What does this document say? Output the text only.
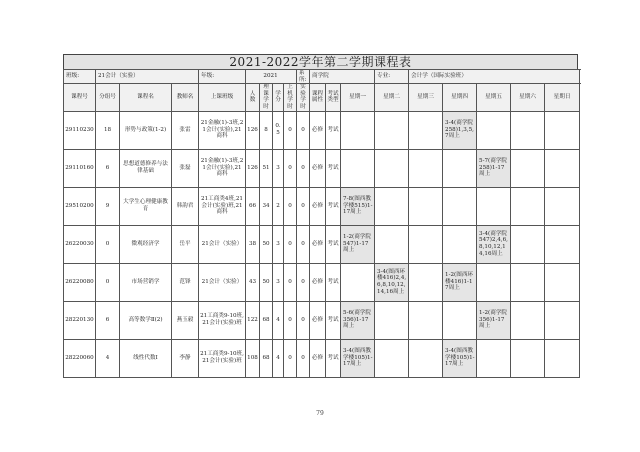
2021-2022学年第二学期课程表
班级:	21会计（实验）			年级:	2021				系所:	商学院			专业:	会计学（国际实验班）				
课程号	分组号	课程名	教师名	上课班级	人数	理课学时	学分	上机学时	实验学时	课程属性	考试类型	星期一	星期二	星期三	星期四	星期五	星期六	星期日
29110230	18	形势与政策(1-2)	张雷	21金融(1)-3班,21会计(实验),21商科	126	8	0.5	0	0	必修	考试				3-4(商学院258)1,3,5,7周上			
29110160	6	思想道德修养与法律基础	张磊	21金融(1)-3班,21会计(实验),21商科	126	51	3	0	0	必修	考试					5-7(商学院258)1-17周上		
29510200	9	大学生心理健康教育	韩韵君	21工商类4班,21会计(实验)班,21商科	66	34	2	0	0	必修	考试	7-8(图西教学楼515)1-17周上						
26220030	0	微观经济学	岳平	21会计（实验）	38	50	3	0	0	必修	考试	1-2(商学院547)1-17周上				3-4(商学院547)2,4,6,8,10,12,14,16周上		
26220080	0	市场营销学	范锋	21会计（实验）	43	50	3	0	0	必修	考试		3-4(图西环楼416)2,4,6,8,10,12,14,16周上		1-2(图西环楼416)1-17周上			
28220130	6	高等数学Ⅱ(2)	燕玉毅	21工商类9-10班,21会计(实验)班	122	68	4	0	0	必修	考试	5-6(商学院356)1-17周上				1-2(商学院356)1-17周上		
28220060	4	线性代数Ⅰ	李静	21工商类9-10班,21会计(实验)班	108	68	4	0	0	必修	考试	3-4(图西教学楼105)1-17周上			3-4(图西教学楼105)1-17周上			
79
